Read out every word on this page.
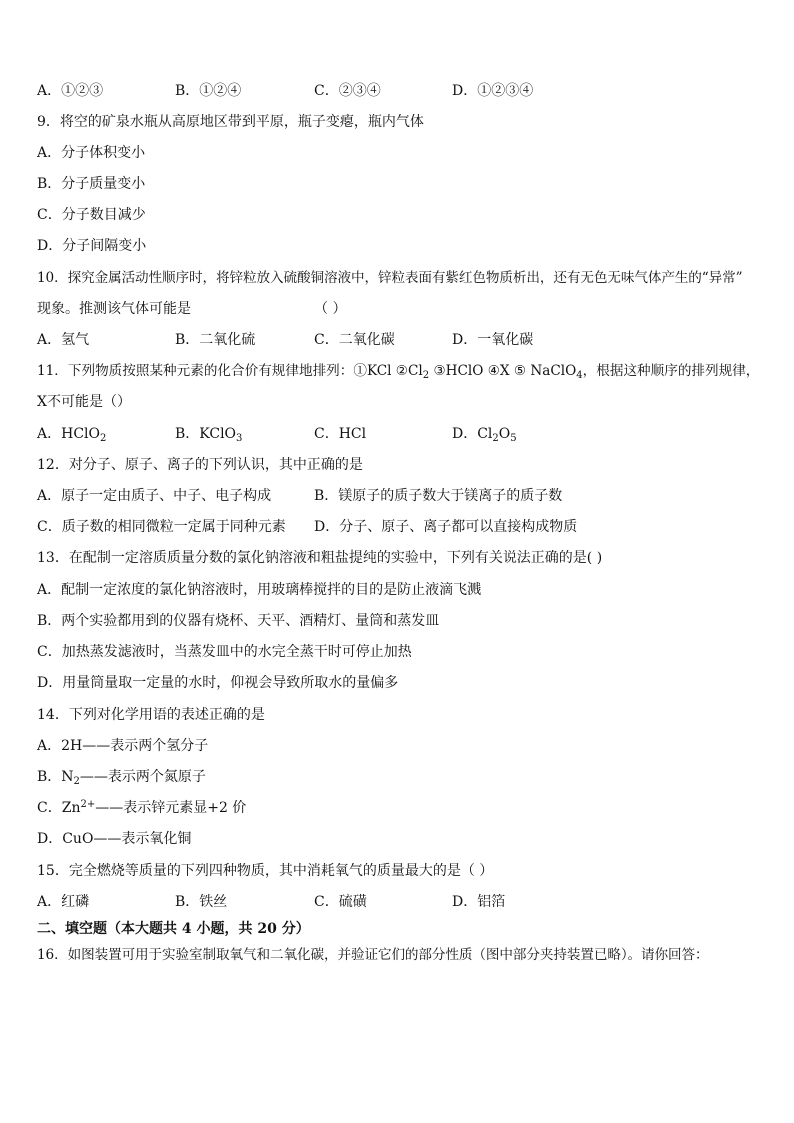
A．①②③	B．①②④	C．②③④	D．①②③④
9．将空的矿泉水瓶从高原地区带到平原，瓶子变瘪，瓶内气体
A．分子体积变小
B．分子质量变小
C．分子数目减少
D．分子间隔变小
10．探究金属活动性顺序时，将锌粒放入硫酸铜溶液中，锌粒表面有紫红色物质析出，还有无色无味气体产生的“异常”
现象。推测该气体可能是	（ ）
A．氢气	B．二氧化硫	C．二氧化碳	D．一氧化碳
11．下列物质按照某种元素的化合价有规律地排列：①KCl $②Cl_2$ ③HClO ④X ⑤ NaClO$_4$，根据这种顺序的排列规律，
X不可能是（）
A．HClO$_2$	B．KClO$_3$	C．HCl	D．$Cl_2O_5$
12．对分子、原子、离子的下列认识，其中正确的是
A．原子一定由质子、中子、电子构成	B．镁原子的质子数大于镁离子的质子数
C．质子数的相同微粒一定属于同种元素 D．分子、原子、离子都可以直接构成物质
13．在配制一定溶质质量分数的氯化钠溶液和粗盐提纯的实验中，下列有关说法正确的是( )
A．配制一定浓度的氯化钠溶液时，用玻璃棒搅拌的目的是防止液滴飞溅
B．两个实验都用到的仪器有烧杯、天平、酒精灯、量筒和蒸发皿
C．加热蒸发滤液时，当蒸发皿中的水完全蒸干时可停止加热
D．用量筒量取一定量的水时，仰视会导致所取水的量偏多
14．下列对化学用语的表述正确的是
A．2H——表示两个氢分子
B．$N_2——$表示两个氮原子
C．$Zn^{2+}——$表示锌元素显+2 价
D．CuO——表示氧化铜
15．完全燃烧等质量的下列四种物质，其中消耗氧气的质量最大的是（ ）
A．红磷	B．铁丝	C．硫磺	D．铝箔
二、填空题（本大题共 4 小题，共 20 分）
16．如图装置可用于实验室制取氧气和二氧化碳，并验证它们的部分性质（图中部分夹持装置已略）。请你回答：
